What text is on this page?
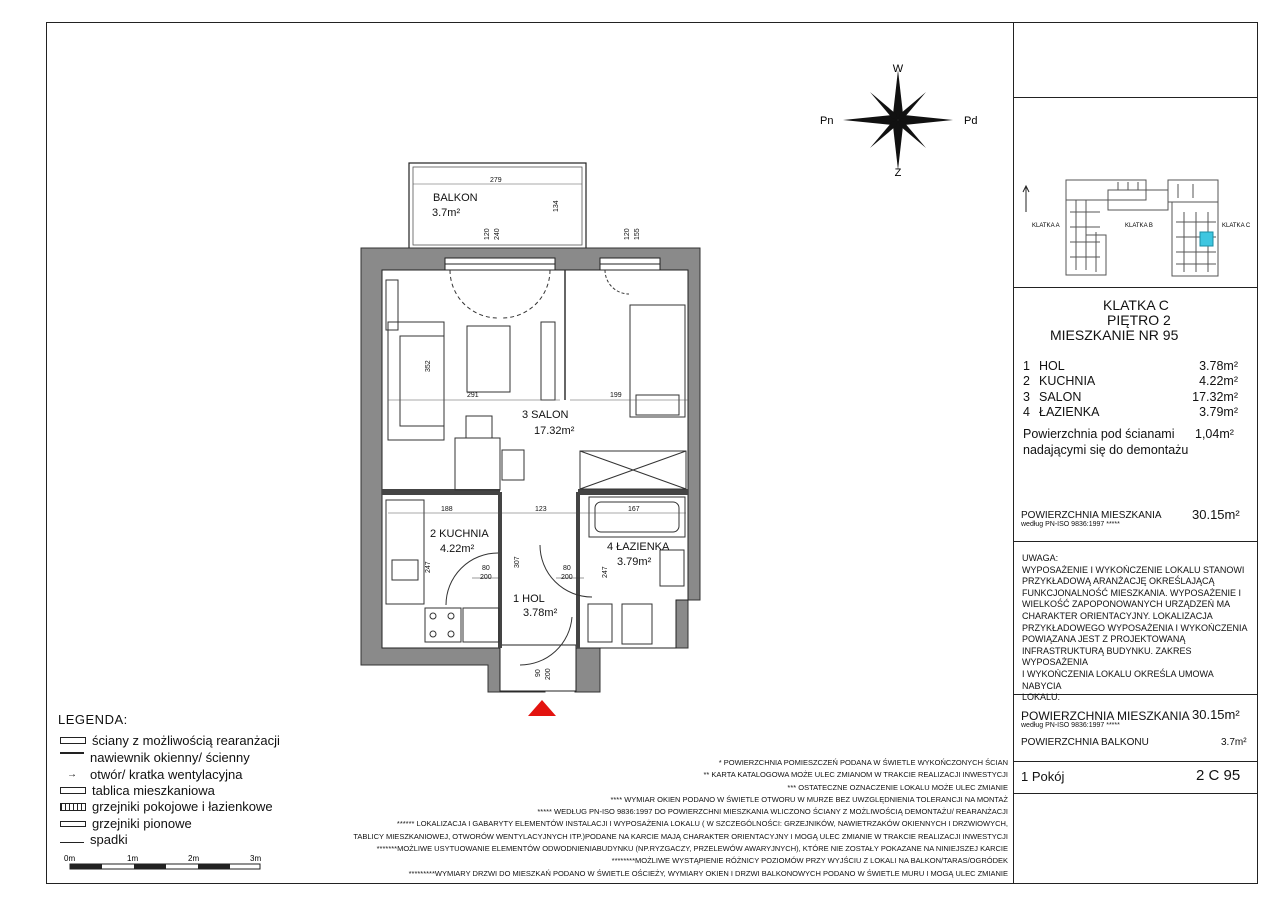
W
Z
Pn	Pd
KLATKA A	KLATKA B	KLATKA C
KLATKA C
PIĘTRO 2
MIESZKANIE NR 95
1 HOL	3.78m²
2 KUCHNIA	4.22m²
3 SALON	17.32m²
4 ŁAZIENKA	3.79m²
Powierzchnia pod ścianami
nadającymi się do demontażu
1,04m²
POWIERZCHNIA MIESZKANIA
według PN-ISO 9836:1997 *****
30.15m²
UWAGA:
WYPOSAŻENIE I WYKOŃCZENIE LOKALU STANOWI
PRZYKŁADOWĄ ARANŻACJĘ OKREŚLAJĄCĄ
FUNKCJONALNOŚĆ MIESZKANIA. WYPOSAŻENIE I
WIELKOŚĆ ZAPOPONOWANYCH URZĄDZEŃ MA
CHARAKTER ORIENTACYJNY. LOKALIZACJA
PRZYKŁADOWEGO WYPOSAŻENIA I WYKOŃCZENIA
POWIĄZANA JEST Z PROJEKTOWANĄ
INFRASTRUKTURĄ BUDYNKU. ZAKRES WYPOSAŻENIA
I WYKOŃCZENIA LOKALU OKREŚLA UMOWA NABYCIA
LOKALU.
POWIERZCHNIA MIESZKANIA
według PN-ISO 9836:1997 *****
30.15m²
POWIERZCHNIA BALKONU	3.7m²
1 Pokój	2 C 95
279
134
120 240	120 155
352
291	199
188	123	167
247	247
307
80
200
80
200
90 200
BALKON
3.7m²
3 SALON
17.32m²
2 KUCHNIA
4.22m²	4 ŁAZIENKA
3.79m²
1 HOL
3.78m²
LEGENDA:
ściany z możliwością rearanżacji
nawiewnik okienny/ ścienny
→	otwór/ kratka wentylacyjna
tablica mieszkaniowa
grzejniki pokojowe i łazienkowe
grzejniki pionowe
spadki
0m	1m	2m	3m
* POWIERZCHNIA POMIESZCZEŃ PODANA W ŚWIETLE WYKOŃCZONYCH ŚCIAN
** KARTA KATALOGOWA MOŻE ULEC ZMIANOM W TRAKCIE REALIZACJI INWESTYCJI
*** OSTATECZNE OZNACZENIE LOKALU MOŻE ULEC ZMIANIE
**** WYMIAR OKIEN PODANO W ŚWIETLE OTWORU W MURZE BEZ UWZGLĘDNIENIA TOLERANCJI NA MONTAŻ
***** WEDŁUG PN-ISO 9836:1997 DO POWIERZCHNI MIESZKANIA WLICZONO ŚCIANY Z MOŻLIWOŚCIĄ DEMONTAŻU/ REARANŻACJI
****** LOKALIZACJA I GABARYTY ELEMENTÓW INSTALACJI I WYPOSAŻENIA LOKALU ( W SZCZEGÓLNOŚCI: GRZEJNIKÓW, NAWIETRZAKÓW OKIENNYCH I DRZWIOWYCH,
TABLICY MIESZKANIOWEJ, OTWORÓW WENTYLACYJNYCH ITP.)PODANE NA KARCIE MAJĄ CHARAKTER ORIENTACYJNY I MOGĄ ULEC ZMIANIE W TRAKCIE REALIZACJI INWESTYCJI
*******MOŻLIWE USYTUOWANIE ELEMENTÓW ODWODNIENIABUDYNKU (NP.RYZGACZY, PRZELEWÓW AWARYJNYCH), KTÓRE NIE ZOSTAŁY POKAZANE NA NINIEJSZEJ KARCIE
********MOŻLIWE WYSTĄPIENIE RÓŻNICY POZIOMÓW PRZY WYJŚCIU Z LOKALI NA BALKON/TARAS/OGRÓDEK
*********WYMIARY DRZWI DO MIESZKAŃ PODANO W ŚWIETLE OŚCIEŻY, WYMIARY OKIEN I DRZWI BALKONOWYCH PODANO W ŚWIETLE MURU I MOGĄ ULEC ZMIANIE
